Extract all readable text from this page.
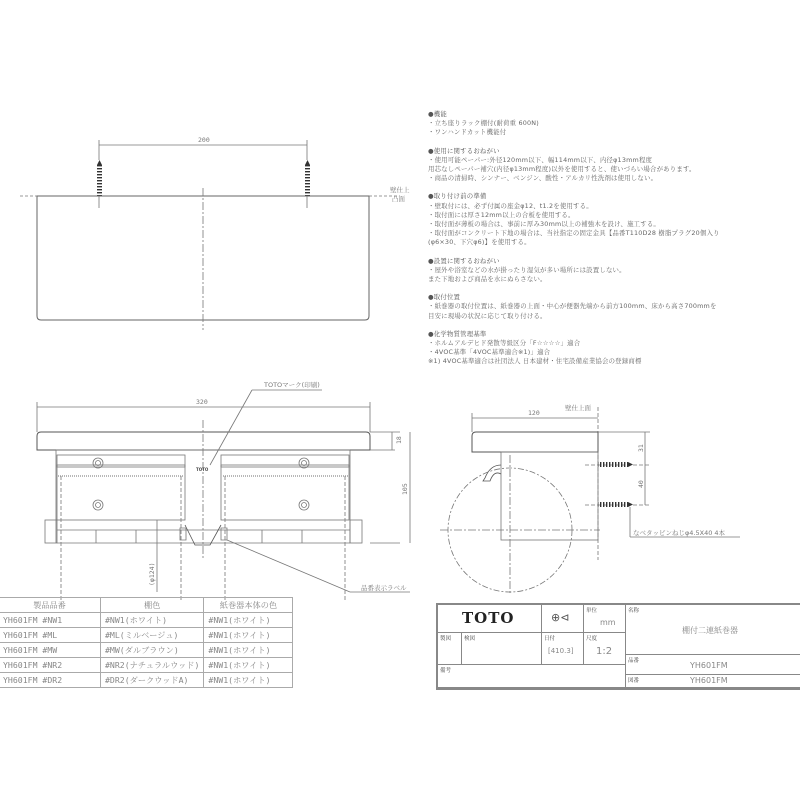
200
壁仕上
凸面
320
18
105
(φ124)
TOTOマーク(印刷)
TOTO
品番表示ラベル
120
31
40
壁仕上面
なべタッピンねじφ4.5X40 4本
●機能
・立ち座りラック棚付(耐荷重 600N)
・ワンハンドカット機能付
●使用に関するおねがい
・使用可能ペーパー:外径120mm以下、幅114mm以下、内径φ13mm程度
用芯なしペーパー補穴(内径φ13mm程度)以外を使用すると、使いづらい場合があります。
・商品の清掃時、シンナー、ベンジン、酸性・アルカリ性洗剤は使用しない。
●取り付け前の準備
・壁取付には、必ず付属の座金φ12、t1.2を使用する。
・取付面には厚さ12mm以上の合板を使用する。
・取付面が薄板の場合は、事前に厚み30mm以上の補強木を設け、施工する。
・取付面がコンクリート下地の場合は、当社指定の固定金具【品番T110D28 樹脂プラグ20個入り
(φ6×30、下穴φ6)】を使用する。
●設置に関するおねがい
・屋外や浴室などの水が掛ったり湿気が多い場所には設置しない。
また下地および商品を水にぬらさない。
●取付位置
・紙巻器の取付位置は、紙巻器の上面・中心が便器先端から前方100mm、床から高さ700mmを
目安に現場の状況に応じて取り付ける。
●化学物質管理基準
・ホルムアルデヒド発散等級区分「F☆☆☆☆」適合
・4VOC基準「4VOC基準適合※1)」適合
※1) 4VOC基準適合は社団法人 日本建材・住宅設備産業協会の登録商標
製品品番	棚色	紙巻器本体の色
YH601FM #NW1	#NW1(ホワイト)	#NW1(ホワイト)
YH601FM #ML	#ML(ミルベージュ)	#NW1(ホワイト)
YH601FM #MW	#MW(ダルブラウン)	#NW1(ホワイト)
YH601FM #NR2	#NR2(ナチュラルウッド)	#NW1(ホワイト)
YH601FM #DR2	#DR2(ダークウッドA)	#NW1(ホワイト)
TOTO	⊕⊲	単位
mm
名称
棚付二連紙巻器
製図 検図	日付
[410.3]
尺度
1:2
品番	YH601FM
備考
図番	YH601FM
